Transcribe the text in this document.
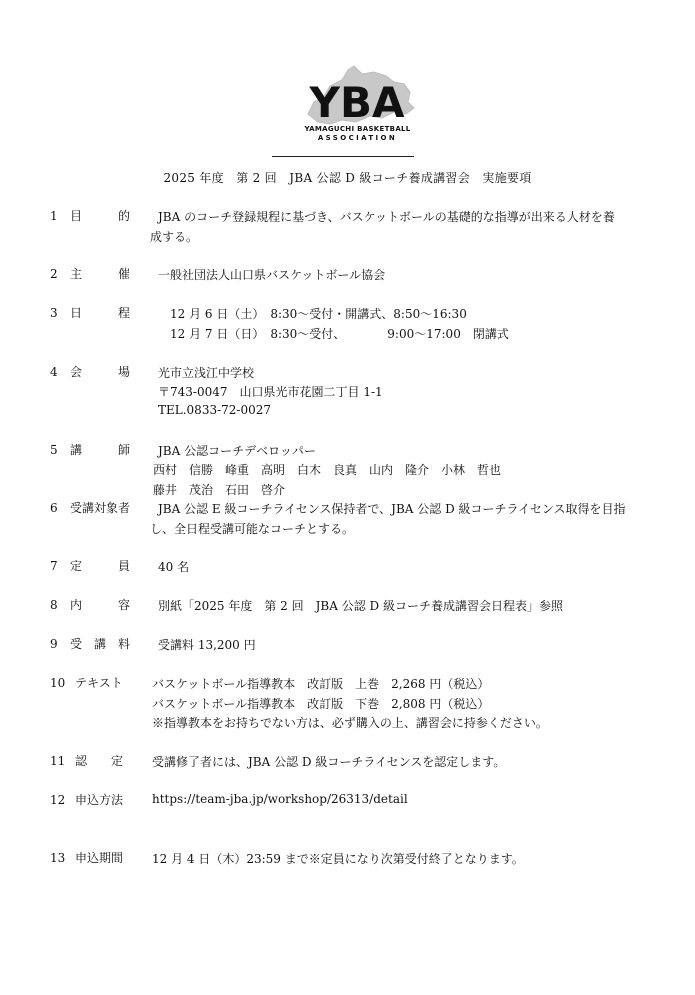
YBA
YAMAGUCHI BASKETBALL
ASSOCIATION
2025 年度　第 2 回　JBA 公認 D 級コーチ養成講習会　実施要項
1 目　　　的 JBA のコーチ登録規程に基づき、バスケットボールの基礎的な指導が出来る人材を養
成する。
2 主　　　催 一般社団法人山口県バスケットボール協会
3 日　　　程	12 月 6 日（土）　8:30～受付・開講式、8:50～16:30
12 月 7 日（日）　8:30～受付、　　　　9:00～17:00　閉講式
4 会　　　場 光市立浅江中学校
〒743-0047　山口県光市花園二丁目 1-1
TEL.0833-72-0027
5 講　　　師 JBA 公認コーチデベロッパー
西村　信勝　峰重　高明　白木　良真　山内　隆介　小林　哲也
藤井　茂治　石田　啓介
6 受講対象者 JBA 公認 E 級コーチライセンス保持者で、JBA 公認 D 級コーチライセンス取得を目指
し、全日程受講可能なコーチとする。
7 定　　　員 40 名
8 内　　　容 別紙「2025 年度　第 2 回　JBA 公認 D 級コーチ養成講習会日程表」参照
9 受　講　料 受講料 13,200 円
10 テキスト バスケットボール指導教本　改訂版　上巻　2,268 円（税込）
バスケットボール指導教本　改訂版　下巻　2,808 円（税込）
※指導教本をお持ちでない方は、必ず購入の上、講習会に持参ください。
11 認　　定 受講修了者には、JBA 公認 D 級コーチライセンスを認定します。
12 申込方法 https://team-jba.jp/workshop/26313/detail
13 申込期間 12 月 4 日（木）23:59 まで※定員になり次第受付終了となります。
